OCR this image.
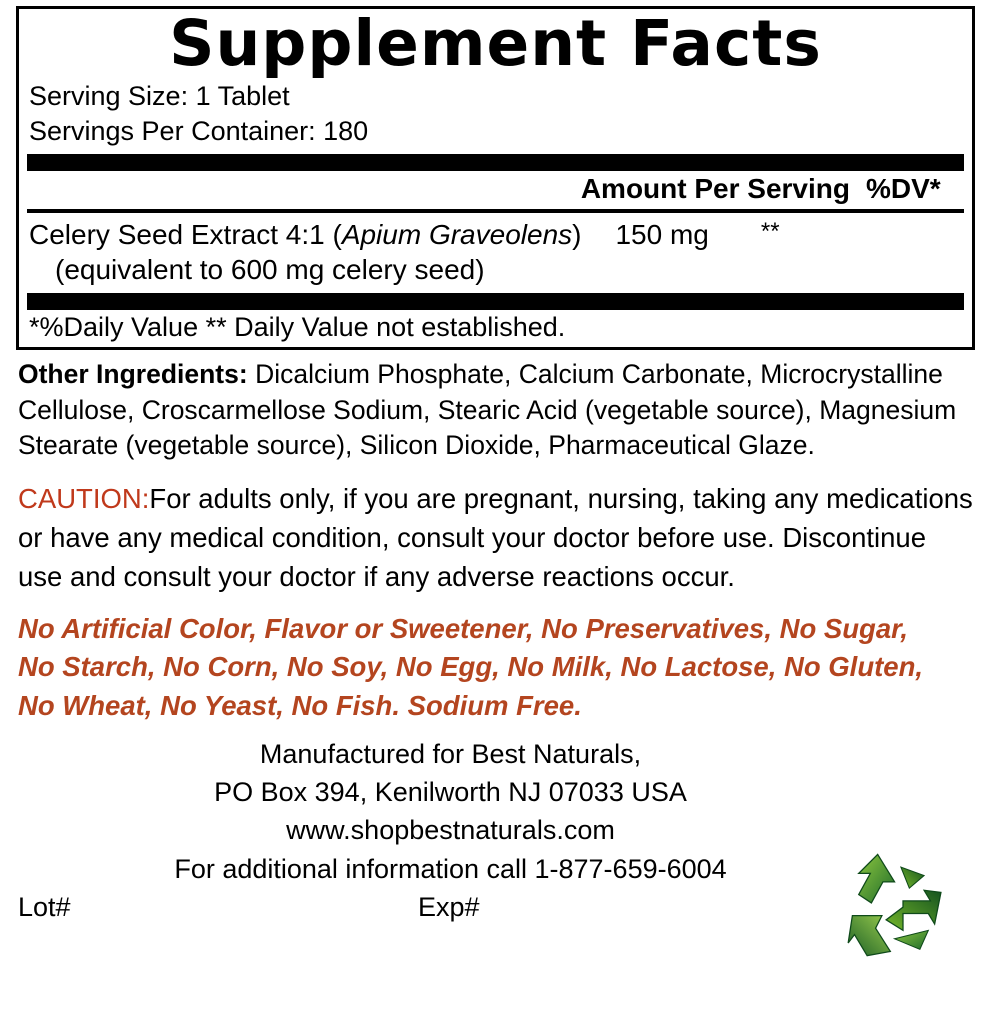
Supplement Facts
Serving Size: 1 Tablet
Servings Per Container: 180
Amount Per Serving %DV*
Celery Seed Extract 4:1 (Apium Graveolens) 150 mg **
(equivalent to 600 mg celery seed)
*%Daily Value ** Daily Value not established.
Other Ingredients: Dicalcium Phosphate, Calcium Carbonate, Microcrystalline Cellulose, Croscarmellose Sodium, Stearic Acid (vegetable source), Magnesium Stearate (vegetable source), Silicon Dioxide, Pharmaceutical Glaze.
CAUTION:For adults only, if you are pregnant, nursing, taking any medications or have any medical condition, consult your doctor before use. Discontinue use and consult your doctor if any adverse reactions occur.
No Artificial Color, Flavor or Sweetener, No Preservatives, No Sugar,
No Starch, No Corn, No Soy, No Egg, No Milk, No Lactose, No Gluten,
No Wheat, No Yeast, No Fish. Sodium Free.
Manufactured for Best Naturals,
PO Box 394, Kenilworth NJ 07033 USA
www.shopbestnaturals.com
For additional information call 1-877-659-6004
Lot#	Exp#
